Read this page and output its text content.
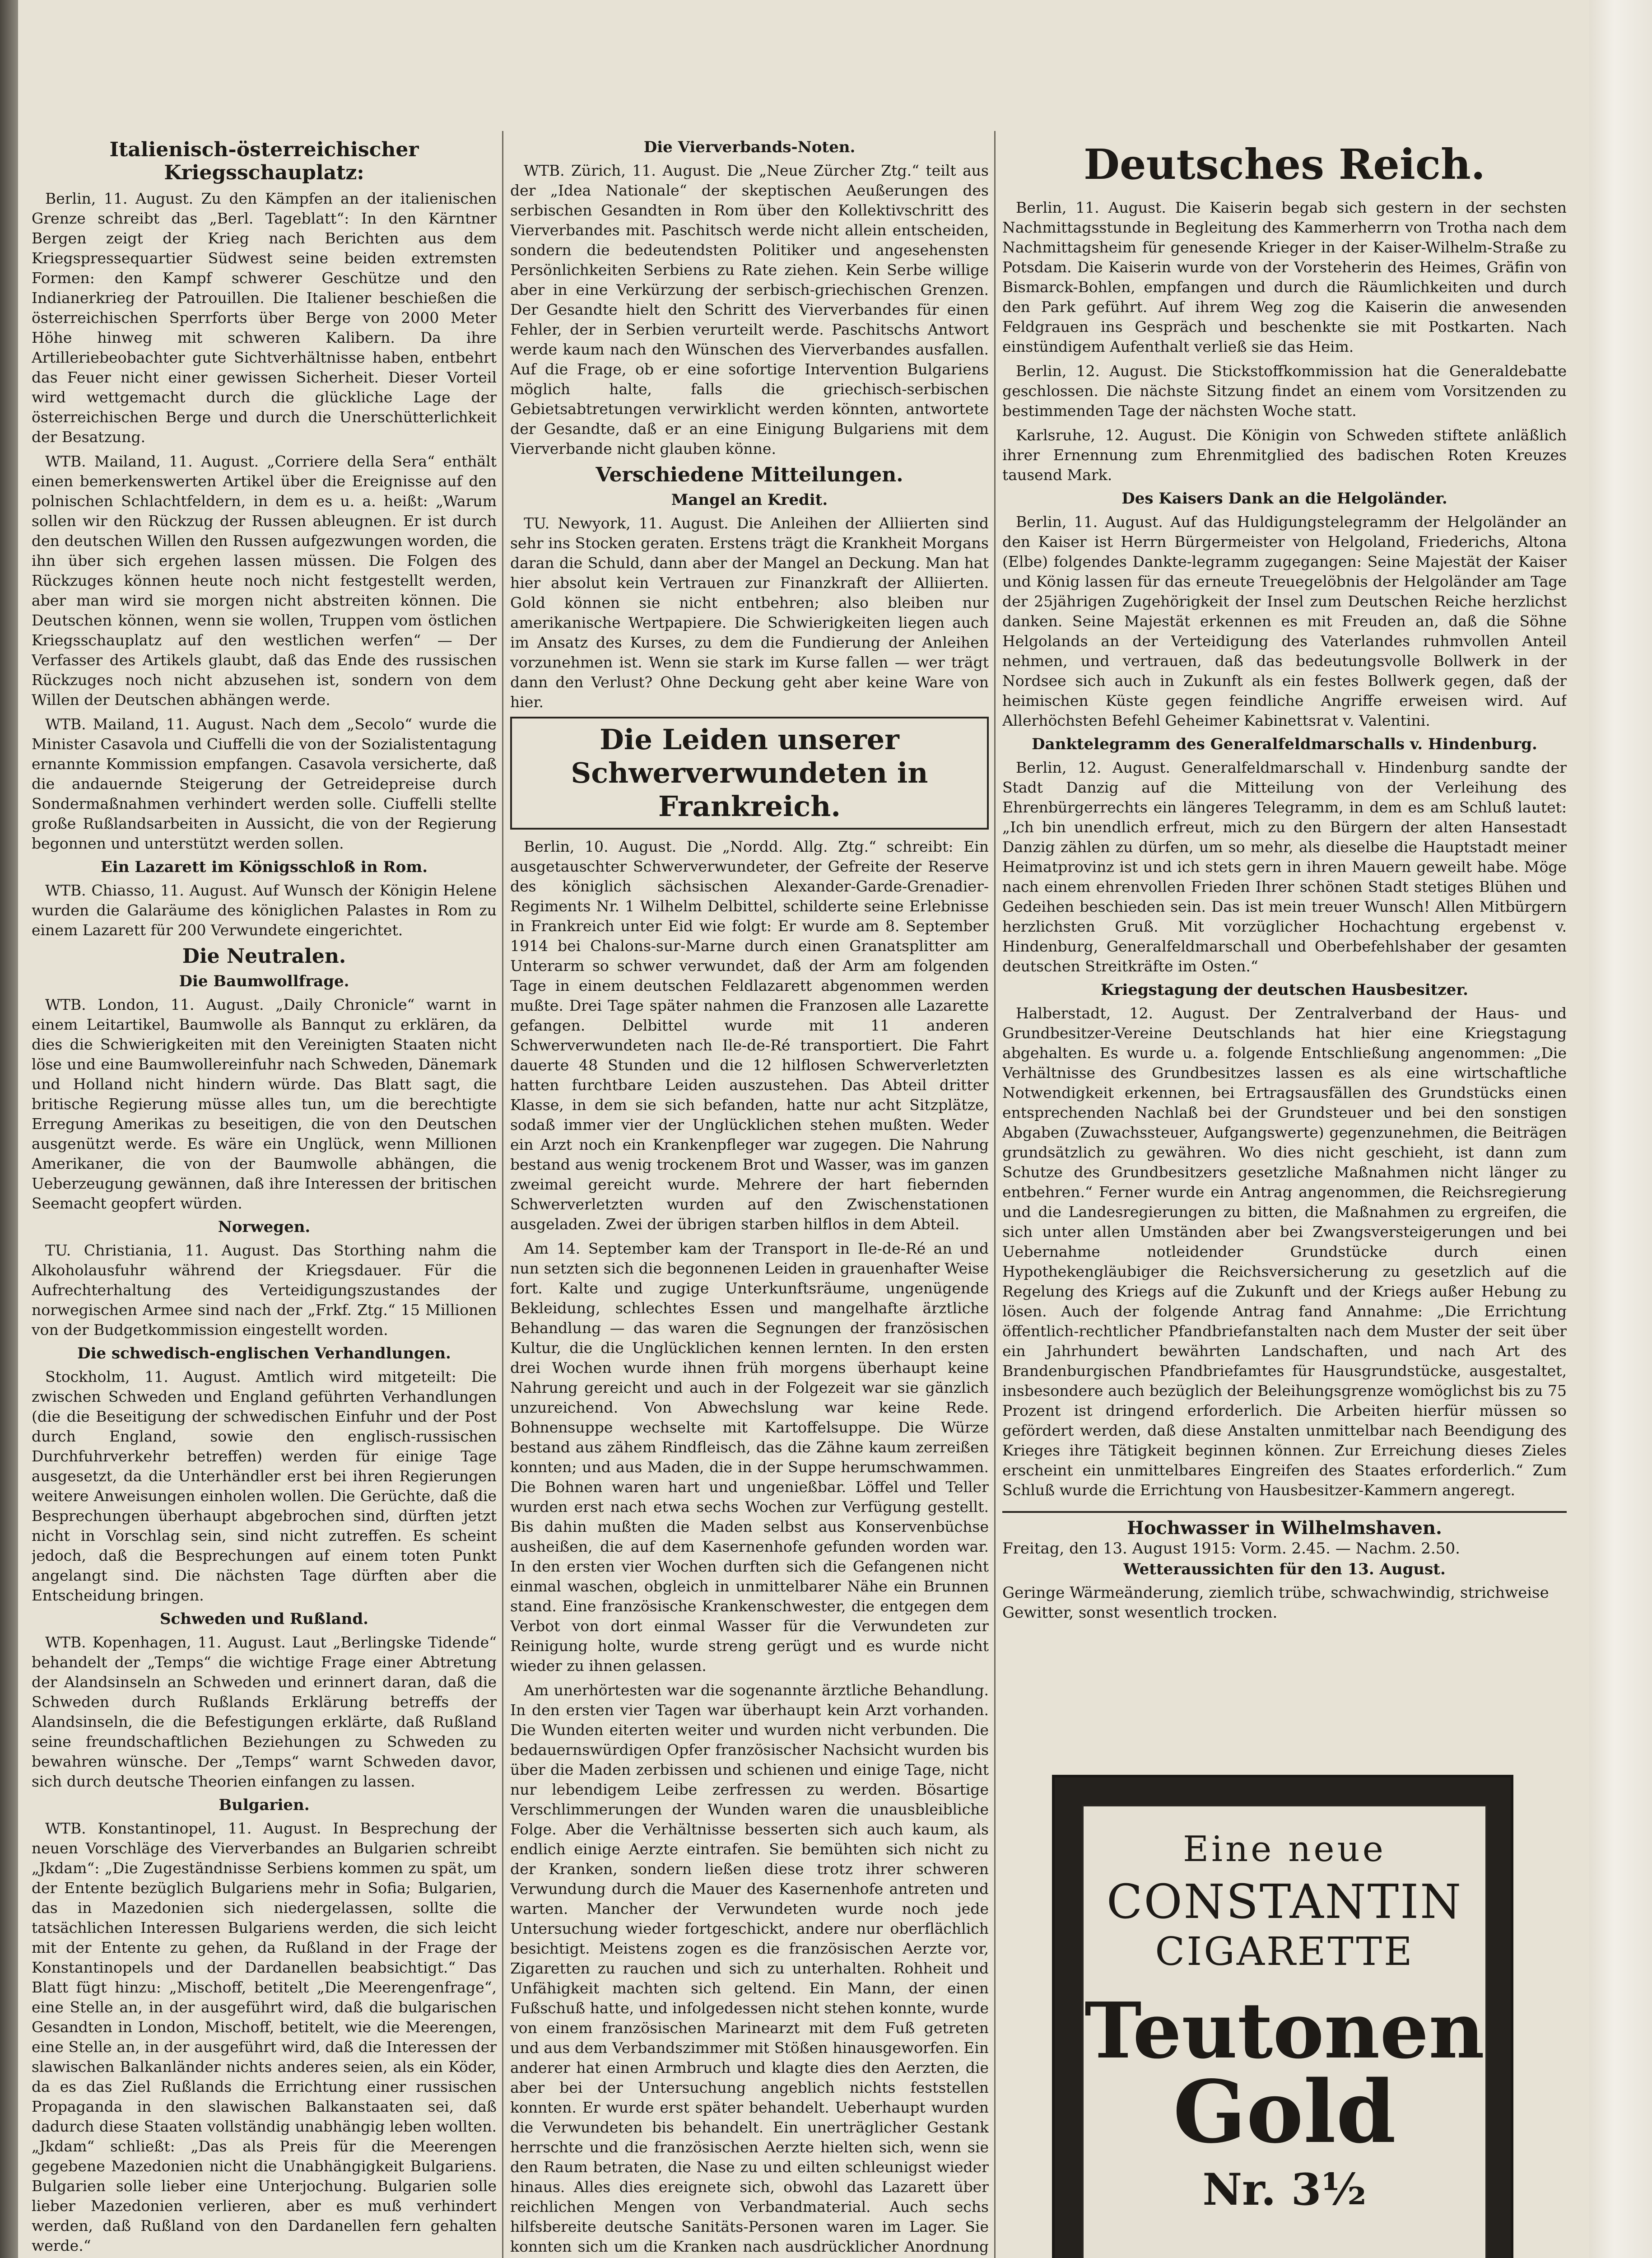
Italienisch-österreichischer Kriegsschauplatz:

Berlin, 11. August. Zu den Kämpfen an der italienischen Grenze schreibt das „Berl. Tageblatt“: In den Kärntner Bergen zeigt der Krieg nach Berichten aus dem Kriegspressequartier Südwest seine beiden extremsten Formen: den Kampf schwerer Geschütze und den Indianerkrieg der Patrouillen. Die Italiener beschießen die österreichischen Sperrforts über Berge von 2000 Meter Höhe hinweg mit schweren Kalibern. Da ihre Artilleriebeobachter gute Sichtverhältnisse haben, entbehrt das Feuer nicht einer gewissen Sicherheit. Dieser Vorteil wird wettgemacht durch die glückliche Lage der österreichischen Berge und durch die Unerschütterlichkeit der Besatzung.

WTB. Mailand, 11. August. „Corriere della Sera“ enthält einen bemerkenswerten Artikel über die Ereignisse auf den polnischen Schlachtfeldern, in dem es u. a. heißt: „Warum sollen wir den Rückzug der Russen ableugnen. Er ist durch den deutschen Willen den Russen aufgezwungen worden, die ihn über sich ergehen lassen müssen. Die Folgen des Rückzuges können heute noch nicht festgestellt werden, aber man wird sie morgen nicht abstreiten können. Die Deutschen können, wenn sie wollen, Truppen vom östlichen Kriegsschauplatz auf den westlichen werfen“ — Der Verfasser des Artikels glaubt, daß das Ende des russischen Rückzuges noch nicht abzusehen ist, sondern von dem Willen der Deutschen abhängen werde.

WTB. Mailand, 11. August. Nach dem „Secolo“ wurde die Minister Casavola und Ciuffelli die von der Sozialistentagung ernannte Kommission empfangen. Casavola versicherte, daß die andauernde Steigerung der Getreidepreise durch Sondermaßnahmen verhindert werden solle. Ciuffelli stellte große Rußlandsarbeiten in Aussicht, die von der Regierung begonnen und unterstützt werden sollen.

Ein Lazarett im Königsschloß in Rom.

WTB. Chiasso, 11. August. Auf Wunsch der Königin Helene wurden die Galaräume des königlichen Palastes in Rom zu einem Lazarett für 200 Verwundete eingerichtet.

Die Neutralen.
Die Baumwollfrage.

WTB. London, 11. August. „Daily Chronicle“ warnt in einem Leitartikel, Baumwolle als Bannqut zu erklären, da dies die Schwierigkeiten mit den Vereinigten Staaten nicht löse und eine Baumwollereinfuhr nach Schweden, Dänemark und Holland nicht hindern würde. Das Blatt sagt, die britische Regierung müsse alles tun, um die berechtigte Erregung Amerikas zu beseitigen, die von den Deutschen ausgenützt werde. Es wäre ein Unglück, wenn Millionen Amerikaner, die von der Baumwolle abhängen, die Ueberzeugung gewännen, daß ihre Interessen der britischen Seemacht geopfert würden.

Norwegen.

TU. Christiania, 11. August. Das Storthing nahm die Alkoholausfuhr während der Kriegsdauer. Für die Aufrechterhaltung des Verteidigungszustandes der norwegischen Armee sind nach der „Frkf. Ztg.“ 15 Millionen von der Budgetkommission eingestellt worden.

Die schwedisch-englischen Verhandlungen.

Stockholm, 11. August. Amtlich wird mitgeteilt: Die zwischen Schweden und England geführten Verhandlungen (die die Beseitigung der schwedischen Einfuhr und der Post durch England, sowie den englisch-russischen Durchfuhrverkehr betreffen) werden für einige Tage ausgesetzt, da die Unterhändler erst bei ihren Regierungen weitere Anweisungen einholen wollen. Die Gerüchte, daß die Besprechungen überhaupt abgebrochen sind, dürften jetzt nicht in Vorschlag sein, sind nicht zutreffen. Es scheint jedoch, daß die Besprechungen auf einem toten Punkt angelangt sind. Die nächsten Tage dürften aber die Entscheidung bringen.

Schweden und Rußland.

WTB. Kopenhagen, 11. August. Laut „Berlingske Tidende“ behandelt der „Temps“ die wichtige Frage einer Abtretung der Alandsinseln an Schweden und erinnert daran, daß die Schweden durch Rußlands Erklärung betreffs der Alandsinseln, die die Befestigungen erklärte, daß Rußland seine freundschaftlichen Beziehungen zu Schweden zu bewahren wünsche. Der „Temps“ warnt Schweden davor, sich durch deutsche Theorien einfangen zu lassen.

Bulgarien.

WTB. Konstantinopel, 11. August. In Besprechung der neuen Vorschläge des Vierverbandes an Bulgarien schreibt „Jkdam“: „Die Zugeständnisse Serbiens kommen zu spät, um der Entente bezüglich Bulgariens mehr in Sofia; Bulgarien, das in Mazedonien sich niedergelassen, sollte die tatsächlichen Interessen Bulgariens werden, die sich leicht mit der Entente zu gehen, da Rußland in der Frage der Konstantinopels und der Dardanellen beabsichtigt.“ Das Blatt fügt hinzu: „Mischoff, betitelt „Die Meerengenfrage“, eine Stelle an, in der ausgeführt wird, daß die bulgarischen Gesandten in London, Mischoff, betitelt, wie die Meerengen, eine Stelle an, in der ausgeführt wird, daß die Interessen der slawischen Balkanländer nichts anderes seien, als ein Köder, da es das Ziel Rußlands die Errichtung einer russischen Propaganda in den slawischen Balkanstaaten sei, daß dadurch diese Staaten vollständig unabhängig leben wollten. „Jkdam“ schließt: „Das als Preis für die Meerengen gegebene Mazedonien nicht die Unabhängigkeit Bulgariens. Bulgarien solle lieber eine Unterjochung. Bulgarien solle lieber Mazedonien verlieren, aber es muß verhindert werden, daß Rußland von den Dardanellen fern gehalten werde.“

Die Vierverbands-Noten.

WTB. Zürich, 11. August. Die „Neue Zürcher Ztg.“ teilt aus der „Idea Nationale“ der skeptischen Aeußerungen des serbischen Gesandten in Rom über den Kollektivschritt des Vierverbandes mit. Paschitsch werde nicht allein entscheiden, sondern die bedeutendsten Politiker und angesehensten Persönlichkeiten Serbiens zu Rate ziehen. Kein Serbe willige aber in eine Verkürzung der serbisch-griechischen Grenzen. Der Gesandte hielt den Schritt des Vierverbandes für einen Fehler, der in Serbien verurteilt werde. Paschitschs Antwort werde kaum nach den Wünschen des Vierverbandes ausfallen. Auf die Frage, ob er eine sofortige Intervention Bulgariens möglich halte, falls die griechisch-serbischen Gebietsabtretungen verwirklicht werden könnten, antwortete der Gesandte, daß er an eine Einigung Bulgariens mit dem Vierverbande nicht glauben könne.

Verschiedene Mitteilungen.
Mangel an Kredit.

TU. Newyork, 11. August. Die Anleihen der Alliierten sind sehr ins Stocken geraten. Erstens trägt die Krankheit Morgans daran die Schuld, dann aber der Mangel an Deckung. Man hat hier absolut kein Vertrauen zur Finanzkraft der Alliierten. Gold können sie nicht entbehren; also bleiben nur amerikanische Wertpapiere. Die Schwierigkeiten liegen auch im Ansatz des Kurses, zu dem die Fundierung der Anleihen vorzunehmen ist. Wenn sie stark im Kurse fallen — wer trägt dann den Verlust? Ohne Deckung geht aber keine Ware von hier.

Die Leiden unserer Schwerverwundeten in Frankreich.

Berlin, 10. August. Die „Nordd. Allg. Ztg.“ schreibt: Ein ausgetauschter Schwerverwundeter, der Gefreite der Reserve des königlich sächsischen Alexander-Garde-Grenadier-Regiments Nr. 1 Wilhelm Delbittel, schilderte seine Erlebnisse in Frankreich unter Eid wie folgt: Er wurde am 8. September 1914 bei Chalons-sur-Marne durch einen Granatsplitter am Unterarm so schwer verwundet, daß der Arm am folgenden Tage in einem deutschen Feldlazarett abgenommen werden mußte. Drei Tage später nahmen die Franzosen alle Lazarette gefangen. Delbittel wurde mit 11 anderen Schwerverwundeten nach Ile-de-Ré transportiert. Die Fahrt dauerte 48 Stunden und die 12 hilflosen Schwerverletzten hatten furchtbare Leiden auszustehen. Das Abteil dritter Klasse, in dem sie sich befanden, hatte nur acht Sitzplätze, sodaß immer vier der Unglücklichen stehen mußten. Weder ein Arzt noch ein Krankenpfleger war zugegen. Die Nahrung bestand aus wenig trockenem Brot und Wasser, was im ganzen zweimal gereicht wurde. Mehrere der hart fiebernden Schwerverletzten wurden auf den Zwischenstationen ausgeladen. Zwei der übrigen starben hilflos in dem Abteil.

Am 14. September kam der Transport in Ile-de-Ré an und nun setzten sich die begonnenen Leiden in grauenhafter Weise fort. Kalte und zugige Unterkunftsräume, ungenügende Bekleidung, schlechtes Essen und mangelhafte ärztliche Behandlung — das waren die Segnungen der französischen Kultur, die die Unglücklichen kennen lernten. In den ersten drei Wochen wurde ihnen früh morgens überhaupt keine Nahrung gereicht und auch in der Folgezeit war sie gänzlich unzureichend. Von Abwechslung war keine Rede. Bohnensuppe wechselte mit Kartoffelsuppe. Die Würze bestand aus zähem Rindfleisch, das die Zähne kaum zerreißen konnten; und aus Maden, die in der Suppe herumschwammen. Die Bohnen waren hart und ungenießbar. Löffel und Teller wurden erst nach etwa sechs Wochen zur Verfügung gestellt. Bis dahin mußten die Maden selbst aus Konservenbüchse ausheißen, die auf dem Kasernenhofe gefunden worden war. In den ersten vier Wochen durften sich die Gefangenen nicht einmal waschen, obgleich in unmittelbarer Nähe ein Brunnen stand. Eine französische Krankenschwester, die entgegen dem Verbot von dort einmal Wasser für die Verwundeten zur Reinigung holte, wurde streng gerügt und es wurde nicht wieder zu ihnen gelassen.

Am unerhörtesten war die sogenannte ärztliche Behandlung. In den ersten vier Tagen war überhaupt kein Arzt vorhanden. Die Wunden eiterten weiter und wurden nicht verbunden. Die bedauernswürdigen Opfer französischer Nachsicht wurden bis über die Maden zerbissen und schienen und einige Tage, nicht nur lebendigem Leibe zerfressen zu werden. Bösartige Verschlimmerungen der Wunden waren die unausbleibliche Folge. Aber die Verhältnisse besserten sich auch kaum, als endlich einige Aerzte eintrafen. Sie bemühten sich nicht zu der Kranken, sondern ließen diese trotz ihrer schweren Verwundung durch die Mauer des Kasernenhofe antreten und warten. Mancher der Verwundeten wurde noch jede Untersuchung wieder fortgeschickt, andere nur oberflächlich besichtigt. Meistens zogen es die französischen Aerzte vor, Zigaretten zu rauchen und sich zu unterhalten. Rohheit und Unfähigkeit machten sich geltend. Ein Mann, der einen Fußschuß hatte, und infolgedessen nicht stehen konnte, wurde von einem französischen Marinearzt mit dem Fuß getreten und aus dem Verbandszimmer mit Stößen hinausgeworfen. Ein anderer hat einen Armbruch und klagte dies den Aerzten, die aber bei der Untersuchung angeblich nichts feststellen konnten. Er wurde erst später behandelt. Ueberhaupt wurden die Verwundeten bis behandelt. Ein unerträglicher Gestank herrschte und die französischen Aerzte hielten sich, wenn sie den Raum betraten, die Nase zu und eilten schleunigst wieder hinaus. Alles dies ereignete sich, obwohl das Lazarett über reichlichen Mengen von Verbandmaterial. Auch sechs hilfsbereite deutsche Sanitäts-Personen waren im Lager. Sie konnten sich um die Kranken nach ausdrücklicher Anordnung

Deutsches Reich.

Berlin, 11. August. Die Kaiserin begab sich gestern in der sechsten Nachmittagsstunde in Begleitung des Kammerherrn von Trotha nach dem Nachmittagsheim für genesende Krieger in der Kaiser-Wilhelm-Straße zu Potsdam. Die Kaiserin wurde von der Vorsteherin des Heimes, Gräfin von Bismarck-Bohlen, empfangen und durch die Räumlichkeiten und durch den Park geführt. Auf ihrem Weg zog die Kaiserin die anwesenden Feldgrauen ins Gespräch und beschenkte sie mit Postkarten. Nach einstündigem Aufenthalt verließ sie das Heim.

Berlin, 12. August. Die Stickstoffkommission hat die Generaldebatte geschlossen. Die nächste Sitzung findet an einem vom Vorsitzenden zu bestimmenden Tage der nächsten Woche statt.

Karlsruhe, 12. August. Die Königin von Schweden stiftete anläßlich ihrer Ernennung zum Ehrenmitglied des badischen Roten Kreuzes tausend Mark.

Des Kaisers Dank an die Helgoländer.

Berlin, 11. August. Auf das Huldigungstelegramm der Helgoländer an den Kaiser ist Herrn Bürgermeister von Helgoland, Friederichs, Altona (Elbe) folgendes Dankte-legramm zugegangen: Seine Majestät der Kaiser und König lassen für das erneute Treuegelöbnis der Helgoländer am Tage der 25jährigen Zugehörigkeit der Insel zum Deutschen Reiche herzlichst danken. Seine Majestät erkennen es mit Freuden an, daß die Söhne Helgolands an der Verteidigung des Vaterlandes ruhmvollen Anteil nehmen, und vertrauen, daß das bedeutungsvolle Bollwerk in der Nordsee sich auch in Zukunft als ein festes Bollwerk gegen, daß der heimischen Küste gegen feindliche Angriffe erweisen wird. Auf Allerhöchsten Befehl Geheimer Kabinettsrat v. Valentini.

Danktelegramm des Generalfeldmarschalls v. Hindenburg.

Berlin, 12. August. Generalfeldmarschall v. Hindenburg sandte der Stadt Danzig auf die Mitteilung von der Verleihung des Ehrenbürgerrechts ein längeres Telegramm, in dem es am Schluß lautet: „Ich bin unendlich erfreut, mich zu den Bürgern der alten Hansestadt Danzig zählen zu dürfen, um so mehr, als dieselbe die Hauptstadt meiner Heimatprovinz ist und ich stets gern in ihren Mauern geweilt habe. Möge nach einem ehrenvollen Frieden Ihrer schönen Stadt stetiges Blühen und Gedeihen beschieden sein. Das ist mein treuer Wunsch! Allen Mitbürgern herzlichsten Gruß. Mit vorzüglicher Hochachtung ergebenst v. Hindenburg, Generalfeldmarschall und Oberbefehlshaber der gesamten deutschen Streitkräfte im Osten.“

Kriegstagung der deutschen Hausbesitzer.

Halberstadt, 12. August. Der Zentralverband der Haus- und Grundbesitzer-Vereine Deutschlands hat hier eine Kriegstagung abgehalten. Es wurde u. a. folgende Entschließung angenommen: „Die Verhältnisse des Grundbesitzes lassen es als eine wirtschaftliche Notwendigkeit erkennen, bei Ertragsausfällen des Grundstücks einen entsprechenden Nachlaß bei der Grundsteuer und bei den sonstigen Abgaben (Zuwachssteuer, Aufgangswerte) gegenzunehmen, die Beiträgen grundsätzlich zu gewähren. Wo dies nicht geschieht, ist dann zum Schutze des Grundbesitzers gesetzliche Maßnahmen nicht länger zu entbehren.“ Ferner wurde ein Antrag angenommen, die Reichsregierung und die Landesregierungen zu bitten, die Maßnahmen zu ergreifen, die sich unter allen Umständen aber bei Zwangsversteigerungen und bei Uebernahme notleidender Grundstücke durch einen Hypothekengläubiger die Reichsversicherung zu gesetzlich auf die Regelung des Kriegs auf die Zukunft und der Kriegs außer Hebung zu lösen. Auch der folgende Antrag fand Annahme: „Die Errichtung öffentlich-rechtlicher Pfandbriefanstalten nach dem Muster der seit über ein Jahrhundert bewährten Landschaften, und nach Art des Brandenburgischen Pfandbriefamtes für Hausgrundstücke, ausgestaltet, insbesondere auch bezüglich der Beleihungsgrenze womöglichst bis zu 75 Prozent ist dringend erforderlich. Die Arbeiten hierfür müssen so gefördert werden, daß diese Anstalten unmittelbar nach Beendigung des Krieges ihre Tätigkeit beginnen können. Zur Erreichung dieses Zieles erscheint ein unmittelbares Eingreifen des Staates erforderlich.“ Zum Schluß wurde die Errichtung von Hausbesitzer-Kammern angeregt.

Hochwasser in Wilhelmshaven.
Freitag, den 13. August 1915: Vorm. 2.45. — Nachm. 2.50.
Wetteraussichten für den 13. August.
Geringe Wärmeänderung, ziemlich trübe, schwachwindig, strichweise Gewitter, sonst wesentlich trocken.
Eine neue
CONSTANTIN
CIGARETTE
Teutonen
Gold
Nr. 3½
